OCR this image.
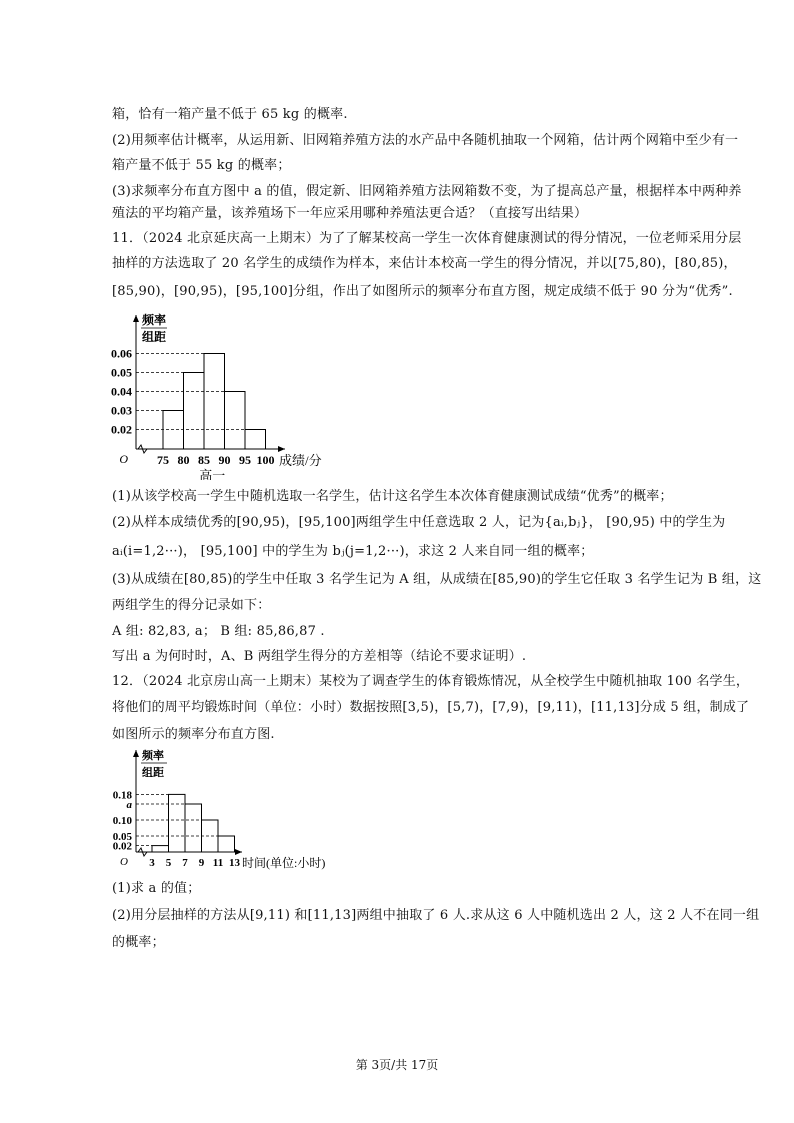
箱，恰有一箱产量不低于 65 kg 的概率.
(2)用频率估计概率，从运用新、旧网箱养殖方法的水产品中各随机抽取一个网箱，估计两个网箱中至少有一
箱产量不低于 55 kg 的概率；
(3)求频率分布直方图中 a 的值，假定新、旧网箱养殖方法网箱数不变，为了提高总产量，根据样本中两种养
殖法的平均箱产量，该养殖场下一年应采用哪种养殖法更合适？（直接写出结果）
11．（2024 北京延庆高一上期末）为了了解某校高一学生一次体育健康测试的得分情况，一位老师采用分层
抽样的方法选取了 20 名学生的成绩作为样本，来估计本校高一学生的得分情况，并以[75,80)，[80,85)，
[85,90)，[90,95)，[95,100]分组，作出了如图所示的频率分布直方图，规定成绩不低于 90 分为“优秀”.
频率
组距
0.02
0.03
0.04
0.05
0.06
75 80 85 90 95 100
O	成绩/分
高一
(1)从该学校高一学生中随机选取一名学生，估计这名学生本次体育健康测试成绩“优秀”的概率；
(2)从样本成绩优秀的[90,95)，[95,100]两组学生中任意选取 2 人，记为{aᵢ,bⱼ}， [90,95) 中的学生为
aᵢ(i=1,2···)， [95,100] 中的学生为 bⱼ(j=1,2···)，求这 2 人来自同一组的概率；
(3)从成绩在[80,85)的学生中任取 3 名学生记为 A 组，从成绩在[85,90)的学生它任取 3 名学生记为 B 组，这
两组学生的得分记录如下：
A 组: 82,83, a； B 组: 85,86,87 .
写出 a 为何时时，A、B 两组学生得分的方差相等（结论不要求证明）.
12．（2024 北京房山高一上期末）某校为了调查学生的体育锻炼情况，从全校学生中随机抽取 100 名学生，
将他们的周平均锻炼时间（单位：小时）数据按照[3,5)，[5,7)，[7,9)，[9,11)，[11,13]分成 5 组，制成了
如图所示的频率分布直方图.
频率
组距
0.02
0.05
0.10
a
0.18
3 5 7 9 11 13
O	时间(单位:小时)
(1)求 a 的值；
(2)用分层抽样的方法从[9,11) 和[11,13]两组中抽取了 6 人.求从这 6 人中随机选出 2 人，这 2 人不在同一组
的概率；
第 3页/共 17页
